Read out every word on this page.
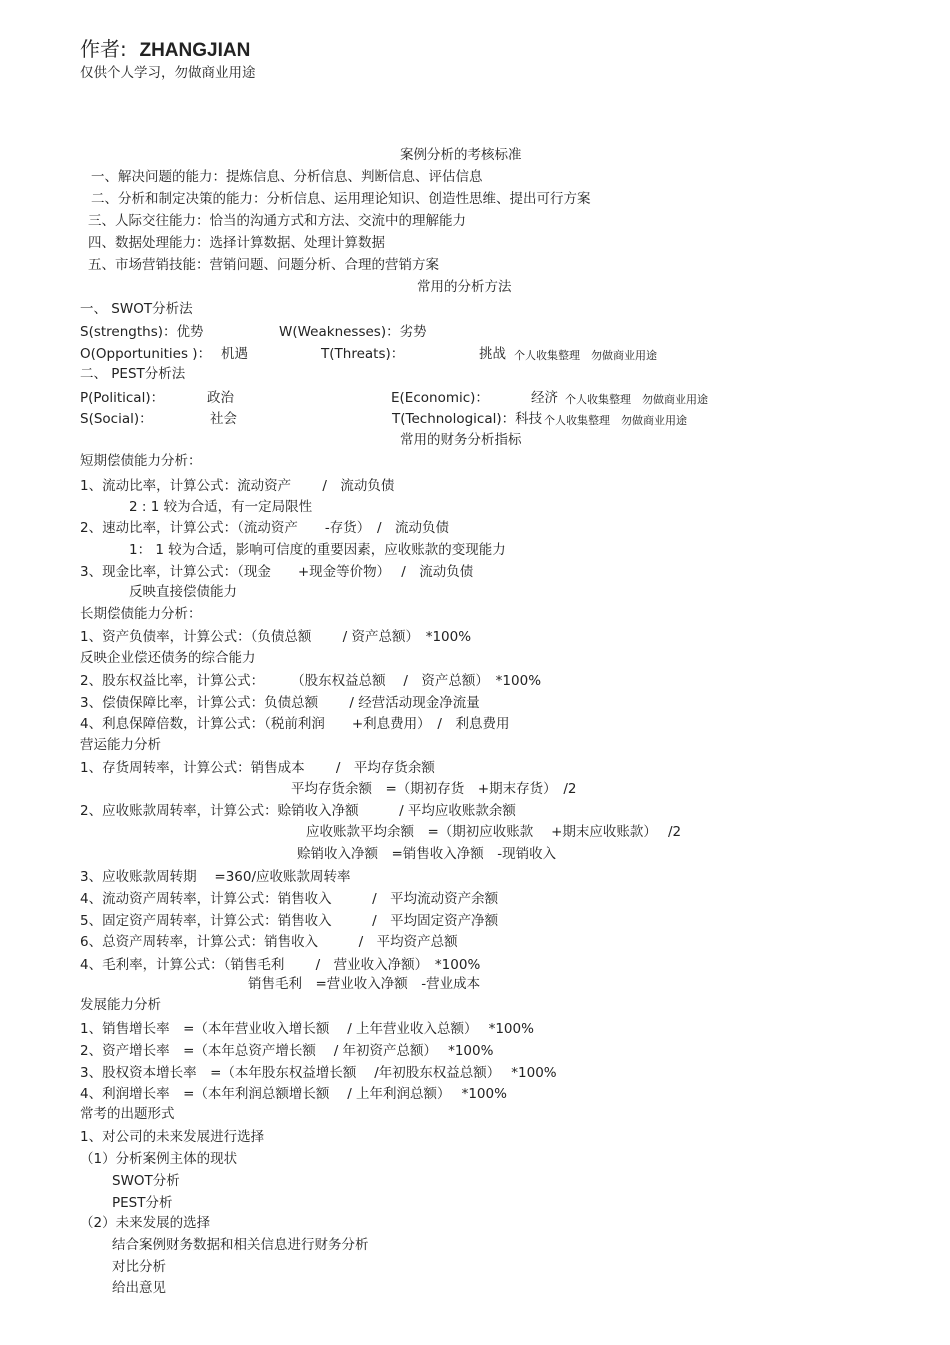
作者: ZHANGJIAN
仅供个人学习，勿做商业用途
案例分析的考核标准
一、解决问题的能力：提炼信息、分析信息、判断信息、评估信息
二、分析和制定决策的能力：分析信息、运用理论知识、创造性思维、提出可行方案
三、人际交往能力：恰当的沟通方式和方法、交流中的理解能力
四、数据处理能力：选择计算数据、处理计算数据
五、市场营销技能：营销问题、问题分析、合理的营销方案
常用的分析方法
一、 SWOT分析法
S(strengths)：优势	W(Weaknesses)：劣势
O(Opportunities )： 机遇	T(Threats)：	挑战 个人收集整理　勿做商业用途
二、 PEST分析法
P(Political)：	政治	E(Economic)：	经济 个人收集整理　勿做商业用途
S(Social)：	社会	T(Technological)：科技 个人收集整理　勿做商业用途
常用的财务分析指标
短期偿债能力分析：
1、流动比率，计算公式：流动资产　　 /　流动负债
2 : 1 较为合适，有一定局限性
2、速动比率，计算公式：（流动资产　　-存货）　/　流动负债
1： 1 较为合适，影响可信度的重要因素，应收账款的变现能力
3、现金比率，计算公式：（现金　　+现金等价物）　 /　流动负债
反映直接偿债能力
长期偿债能力分析：
1、资产负债率，计算公式：（负债总额　　 / 资产总额）　*100%
反映企业偿还债务的综合能力
2、股东权益比率，计算公式：　　　（股东权益总额　 /　资产总额）　*100%
3、偿债保障比率，计算公式：负债总额　　 / 经营活动现金净流量
4、利息保障倍数，计算公式：（税前利润　　+利息费用）　/　利息费用
营运能力分析
1、存货周转率，计算公式：销售成本　　 /　平均存货余额
平均存货余额　=（期初存货　+期末存货）　/2
2、应收账款周转率，计算公式：赊销收入净额　　　/ 平均应收账款余额
应收账款平均余额　=（期初应收账款　 +期末应收账款）　 /2
赊销收入净额　=销售收入净额　-现销收入
3、应收账款周转期　 =360/应收账款周转率
4、流动资产周转率，计算公式：销售收入　　　/　平均流动资产余额
5、固定资产周转率，计算公式：销售收入　　　/　平均固定资产净额
6、总资产周转率，计算公式：销售收入　　　/　平均资产总额
4、毛利率，计算公式：（销售毛利　　 /　营业收入净额）　*100%
销售毛利　=营业收入净额　-营业成本
发展能力分析
1、销售增长率　=（本年营业收入增长额　 / 上年营业收入总额）　 *100%
2、资产增长率　=（本年总资产增长额　 / 年初资产总额）　 *100%
3、股权资本增长率　=（本年股东权益增长额　 /年初股东权益总额）　 *100%
4、利润增长率　=（本年利润总额增长额　 / 上年利润总额）　 *100%
常考的出题形式
1、对公司的未来发展进行选择
（1）分析案例主体的现状
SWOT分析
PEST分析
（2）未来发展的选择
结合案例财务数据和相关信息进行财务分析
对比分析
给出意见
